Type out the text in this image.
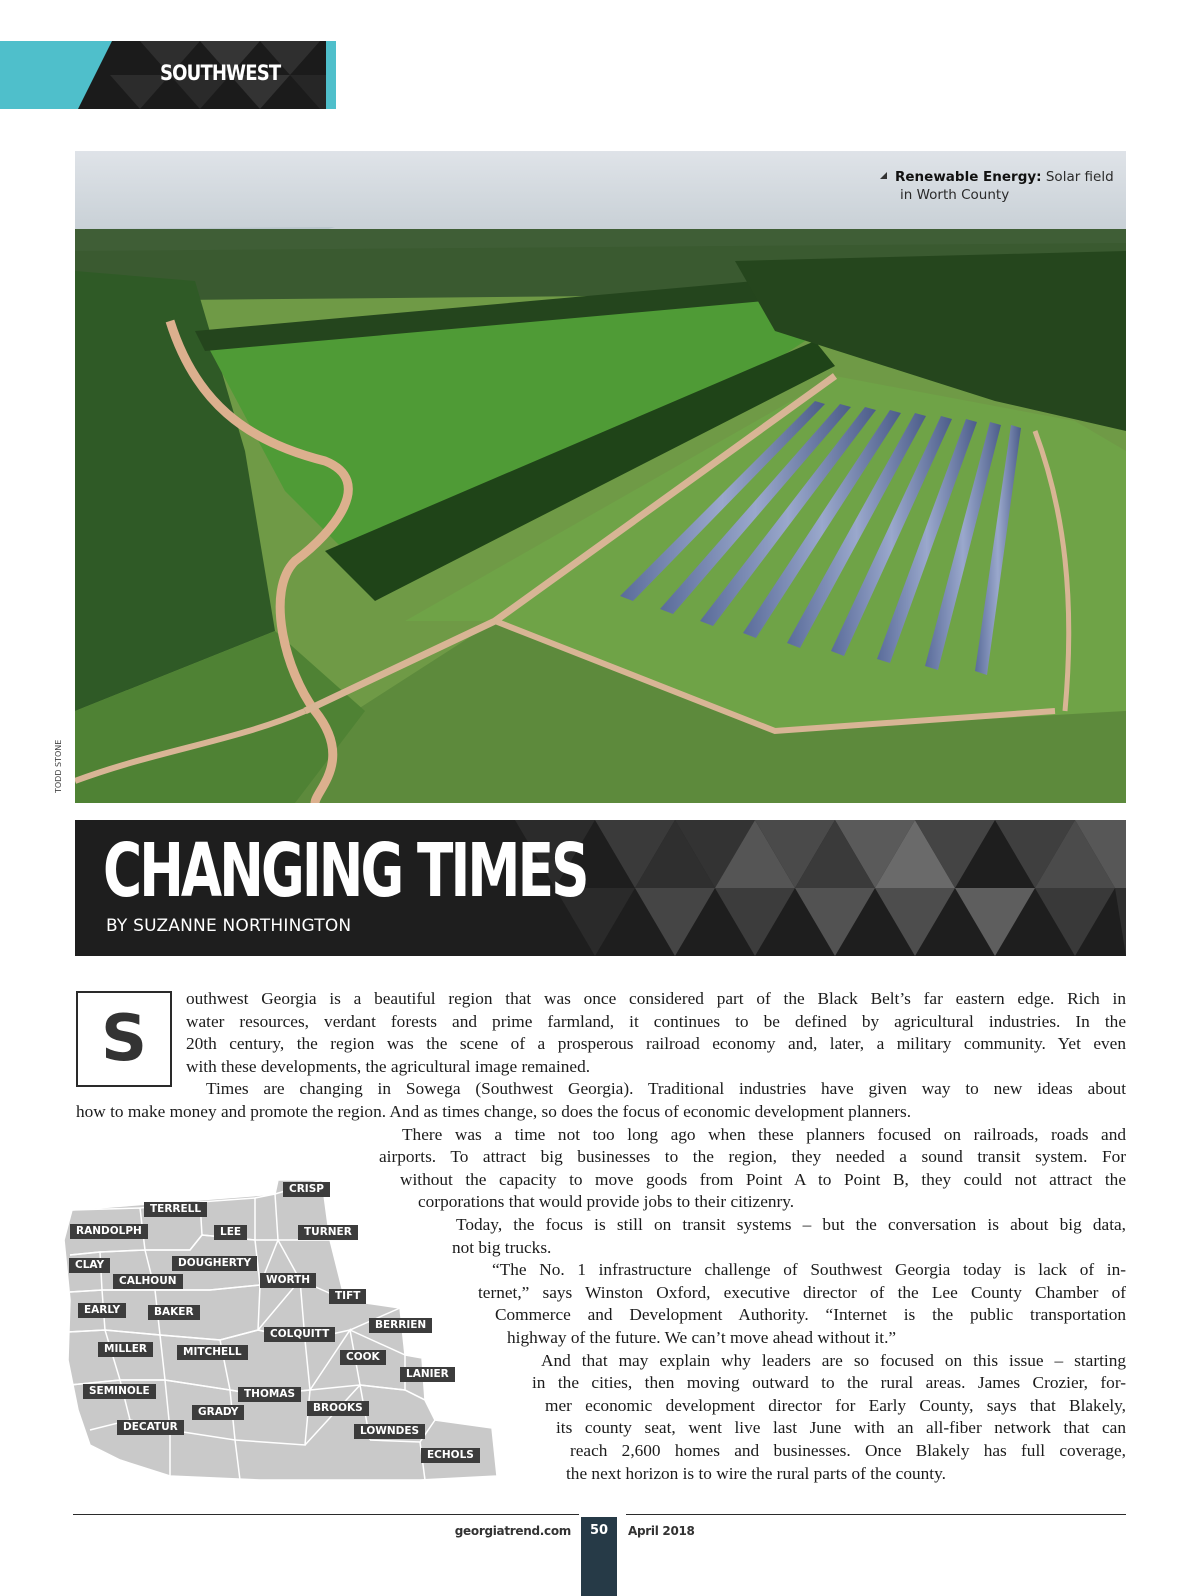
SOUTHWEST
Renewable Energy: Solar field
in Worth County
TODD STONE
CHANGING TIMES
BY SUZANNE NORTHINGTON
S
outhwest Georgia is a beautiful region that was once considered part of the Black Belt’s far eastern edge. Rich in
water resources, verdant forests and prime farmland, it continues to be defined by agricultural industries. In the
20th century, the region was the scene of a prosperous railroad economy and, later, a military community. Yet even
with these developments, the agricultural image remained.
Times are changing in Sowega (Southwest Georgia). Traditional industries have given way to new ideas about
how to make money and promote the region. And as times change, so does the focus of economic development planners.
There was a time not too long ago when these planners focused on railroads, roads and
airports. To attract big businesses to the region, they needed a sound transit system. For
without the capacity to move goods from Point A to Point B, they could not attract the
corporations that would provide jobs to their citizenry.
Today, the focus is still on transit systems – but the conversation is about big data,
not big trucks.
“The No. 1 infrastructure challenge of Southwest Georgia today is lack of in-
ternet,” says Winston Oxford, executive director of the Lee County Chamber of
Commerce and Development Authority. “Internet is the public transportation
highway of the future. We can’t move ahead without it.”
And that may explain why leaders are so focused on this issue – starting
in the cities, then moving outward to the rural areas. James Crozier, for-
mer economic development director for Early County, says that Blakely,
its county seat, went live last June with an all-fiber network that can
reach 2,600 homes and businesses. Once Blakely has full coverage,
the next horizon is to wire the rural parts of the county.
CRISP
TERRELL
RANDOLPH	LEE	TURNER
CLAY	DOUGHERTY
CALHOUN	WORTH
TIFT
EARLY	BAKER
BERRIEN
COLQUITT
MILLER	MITCHELL	COOK
LANIER
SEMINOLE	THOMAS
GRADY	BROOKS
DECATUR	LOWNDES
ECHOLS
50
georgiatrend.com	April 2018
